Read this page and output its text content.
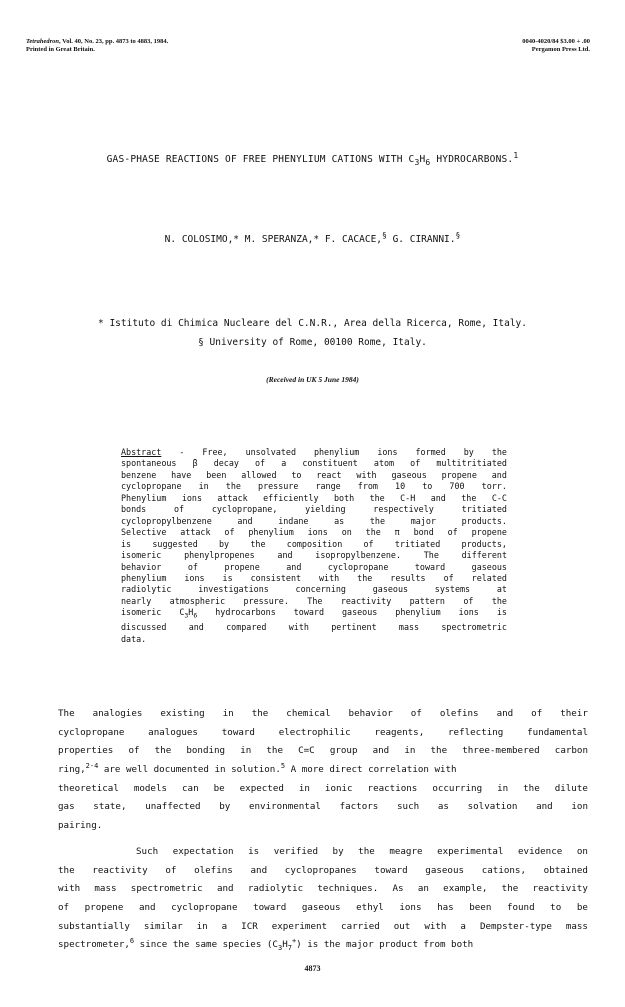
Tetrahedron, Vol. 40, No. 23, pp. 4873 to 4883, 1984.
Printed in Great Britain.
0040-4020/84 $3.00 + .00
Pergamon Press Ltd.
GAS-PHASE REACTIONS OF FREE PHENYLIUM CATIONS WITH $C_3H_6$ HYDROCARBONS.$^1$
N. COLOSIMO,* M. SPERANZA,* F. CACACE,§ G. CIRANNI.§
* Istituto di Chimica Nucleare del C.N.R., Area della Ricerca, Rome, Italy.
§ University of Rome, 00100 Rome, Italy.
(Received in UK 5 June 1984)
Abstract - Free, unsolvated phenylium ions formed by the
spontaneous β decay of a constituent atom of multitritiated
benzene have been allowed to react with gaseous propene and
cyclopropane in the pressure range from 10 to 700 torr.
Phenylium ions attack efficiently both the C-H and the C-C
bonds	of	cyclopropane,	yielding	respectively	tritiated
cyclopropylbenzene	and	indane	as	the	major	products.
Selective attack of phenylium ions on the π bond of propene
is	suggested	by	the	composition	of	tritiated	products,
isomeric	phenylpropenes	and	isopropylbenzene.	The	different
behavior	of	propene	and	cyclopropane	toward	gaseous
phenylium ions is consistent with the results of related
radiolytic	investigations	concerning	gaseous	systems	at
nearly atmospheric pressure. The reactivity pattern of the
isomeric $C_3H_6$ hydrocarbons toward gaseous phenylium ions is
discussed	and	compared	with	pertinent	mass	spectrometric
data.
The analogies existing in the chemical behavior of olefins and of their
cyclopropane	analogues	toward	electrophilic	reagents,	reflecting	fundamental
properties of the bonding in the C=C group and in the three-membered carbon
ring,$^{2-4}$ are well documented in solution.$^5$ A more direct correlation with
theoretical models can be expected in ionic reactions occurring in the dilute
gas state, unaffected by environmental factors such as solvation and ion
pairing.
Such expectation is verified by the meagre experimental evidence on
the reactivity of olefins and cyclopropanes toward gaseous cations, obtained
with mass spectrometric and radiolytic techniques. As an example, the reactivity
of propene and cyclopropane toward gaseous ethyl ions has been found to be
substantially similar in a ICR experiment carried out with a Dempster-type mass
spectrometer,$^6$ since the same species $(C_3H_7^+)$ is the major product from both
4873
